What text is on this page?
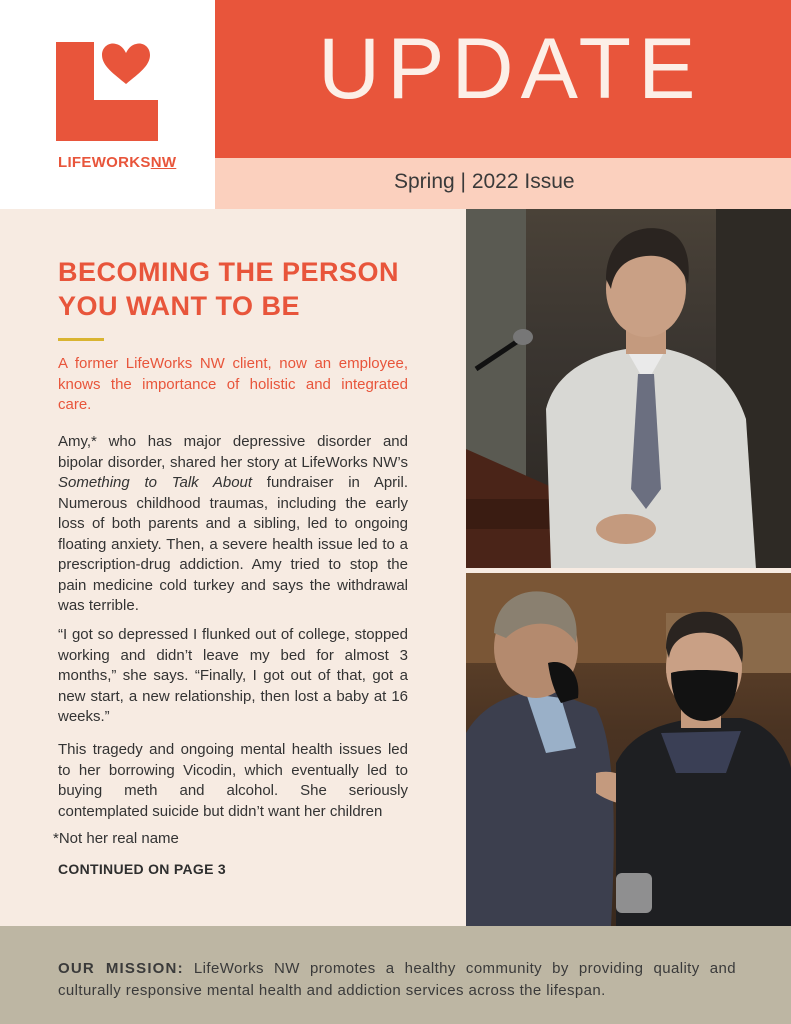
LIFEWORKSNW
UPDATE
Spring | 2022 Issue
BECOMING THE PERSON YOU WANT TO BE
A former LifeWorks NW client, now an employee, knows the importance of holistic and integrated care.
Amy,* who has major depressive disorder and bipolar disorder, shared her story at LifeWorks NW’s Something to Talk About fundraiser in April. Numerous childhood traumas, including the early loss of both parents and a sibling, led to ongoing floating anxiety. Then, a severe health issue led to a prescription-drug addiction. Amy tried to stop the pain medicine cold turkey and says the withdrawal was terrible.
“I got so depressed I flunked out of college, stopped working and didn’t leave my bed for almost 3 months,” she says. “Finally, I got out of that, got a new start, a new relationship, then lost a baby at 16 weeks.”
This tragedy and ongoing mental health issues led to her borrowing Vicodin, which eventually led to buying meth and alcohol. She seriously contemplated suicide but didn’t want her children
*Not her real name
CONTINUED ON PAGE 3
OUR MISSION: LifeWorks NW promotes a healthy community by providing quality and culturally responsive mental health and addiction services across the lifespan.
